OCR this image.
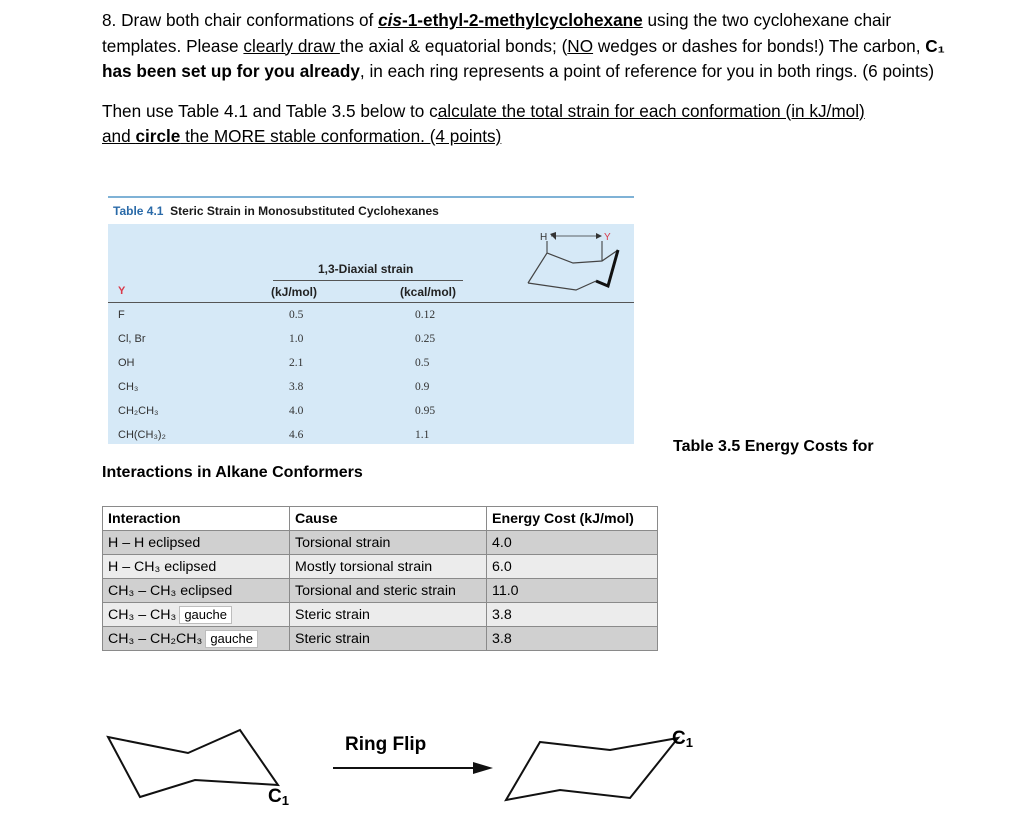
8. Draw both chair conformations of cis-1-ethyl-2-methylcyclohexane using the two cyclohexane chair templates. Please clearly draw the axial & equatorial bonds; (NO wedges or dashes for bonds!) The carbon, C₁ has been set up for you already, in each ring represents a point of reference for you in both rings. (6 points)

Then use Table 4.1 and Table 3.5 below to calculate the total strain for each conformation (in kJ/mol)
and circle the MORE stable conformation. (4 points)

Table 4.1 Steric Strain in Monosubstituted Cyclohexanes
1,3-Diaxial strain
Y	(kJ/mol)	(kcal/mol)
F	0.5	0.12
Cl, Br	1.0	0.25
OH	2.1	0.5
CH₃	3.8	0.9
CH₂CH₃	4.0	0.95
CH(CH₃)₂	4.6	1.1
H	Y
Table 3.5 Energy Costs for
Interactions in Alkane Conformers
Interaction	Cause	Energy Cost (kJ/mol)
H – H eclipsed	Torsional strain	4.0
H – CH₃ eclipsed	Mostly torsional strain	6.0
CH₃ – CH₃ eclipsed	Torsional and steric strain	11.0
CH₃ – CH₃ gauche	Steric strain	3.8
CH₃ – CH₂CH₃ gauche	Steric strain	3.8
$C_1$
Ring Flip	$C_1$
